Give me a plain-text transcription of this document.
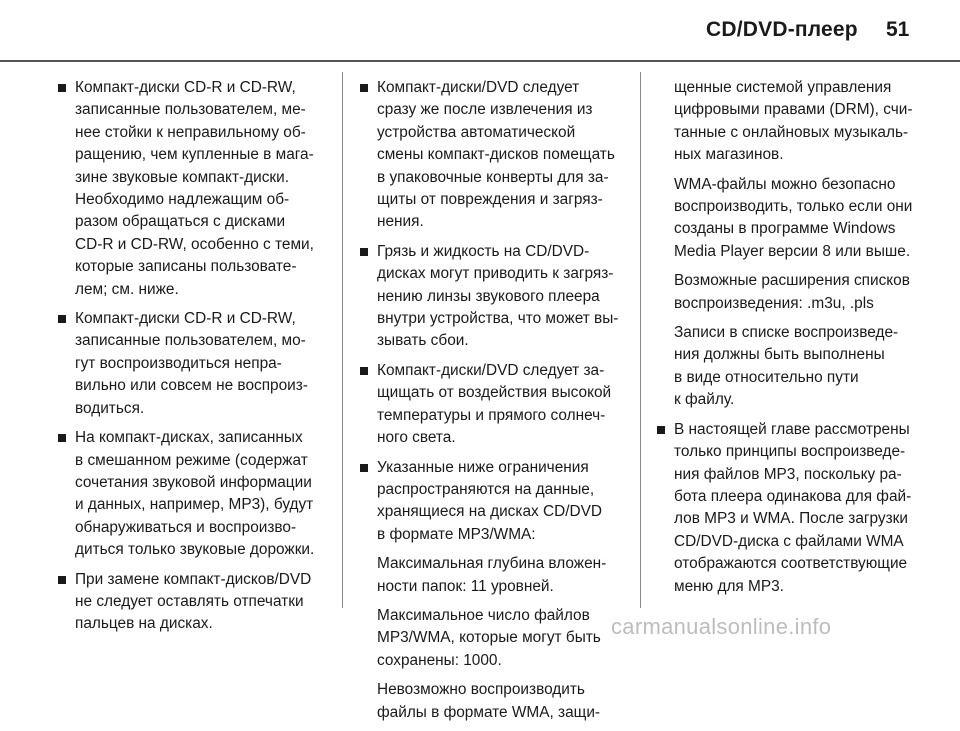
CD/DVD-плеер 51
Компакт-диски CD-R и CD-RW,
записанные пользователем, ме-
нее стойки к неправильному об-
ращению, чем купленные в мага-
зине звуковые компакт-диски.
Необходимо надлежащим об-
разом обращаться с дисками
CD-R и CD-RW, особенно с теми,
которые записаны пользовате-
лем; см. ниже.
Компакт-диски CD-R и CD-RW,
записанные пользователем, мо-
гут воспроизводиться непра-
вильно или совсем не воспроиз-
водиться.
На компакт-дисках, записанных
в смешанном режиме (содержат
сочетания звуковой информации
и данных, например, MP3), будут
обнаруживаться и воспроизво-
диться только звуковые дорожки.
При замене компакт-дисков/DVD
не следует оставлять отпечатки
пальцев на дисках.
Компакт-диски/DVD следует
сразу же после извлечения из
устройства автоматической
смены компакт-дисков помещать
в упаковочные конверты для за-
щиты от повреждения и загряз-
нения.
Грязь и жидкость на CD/DVD-
дисках могут приводить к загряз-
нению линзы звукового плеера
внутри устройства, что может вы-
зывать сбои.
Компакт-диски/DVD следует за-
щищать от воздействия высокой
температуры и прямого солнеч-
ного света.
Указанные ниже ограничения
распространяются на данные,
хранящиеся на дисках CD/DVD
в формате MP3/WMA:
Максимальная глубина вложен-
ности папок: 11 уровней.
Максимальное число файлов
MP3/WMA, которые могут быть
сохранены: 1000.
Невозможно воспроизводить
файлы в формате WMA, защи-
щенные системой управления
цифровыми правами (DRM), счи-
танные с онлайновых музыкаль-
ных магазинов.
WMA-файлы можно безопасно
воспроизводить, только если они
созданы в программе Windows
Media Player версии 8 или выше.
Возможные расширения списков
воспроизведения: .m3u, .pls
Записи в списке воспроизведе-
ния должны быть выполнены
в виде относительно пути
к файлу.
В настоящей главе рассмотрены
только принципы воспроизведе-
ния файлов MP3, поскольку ра-
бота плеера одинакова для фай-
лов MP3 и WMA. После загрузки
CD/DVD-диска с файлами WMA
отображаются соответствующие
меню для MP3.
carmanualsonline.info
